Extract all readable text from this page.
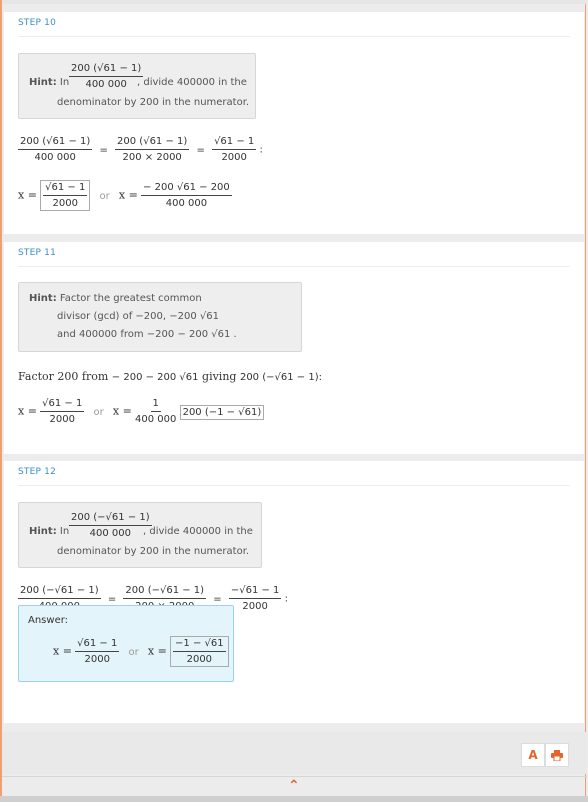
STEP 10
Hint: In $\frac{200 (√61 - 1)}{400 000}$
, divide 400000 in the
denominator by 200 in the numerator.
$\frac{200 (√61 - 1)}{400 000} = \frac{200 (√61 - 1)}{200 \times 2000} = \frac{√61 - 1}{2000}$ :
$x = \frac{√61 - 1}{2000}$ or $x = \frac{- 200 √61 - 200}{400 000}$
STEP 11
Hint: Factor the greatest common
divisor (gcd) of −200, −200 √61
and 400000 from −200 − 200 √61 .
Factor 200 from − 200 − 200 √61 giving 200 (−√61 − 1):
$x = \frac{√61 - 1}{2000}$ or $x = \frac{1}{400 000} 200$ (−1 − √61)
STEP 12
Hint: In $\frac{200 (-√61 - 1)}{400 000}$
, divide 400000 in the
denominator by 200 in the numerator.
200 (−√61 − 1)
=
200 (−√61 − 1)
= $\frac{-√61 - 1}{2000}$ :
Answer:
$x = \frac{√61 - 1}{2000}$ or $x = \frac{-1 - √61}{2000}$
A
⌃
